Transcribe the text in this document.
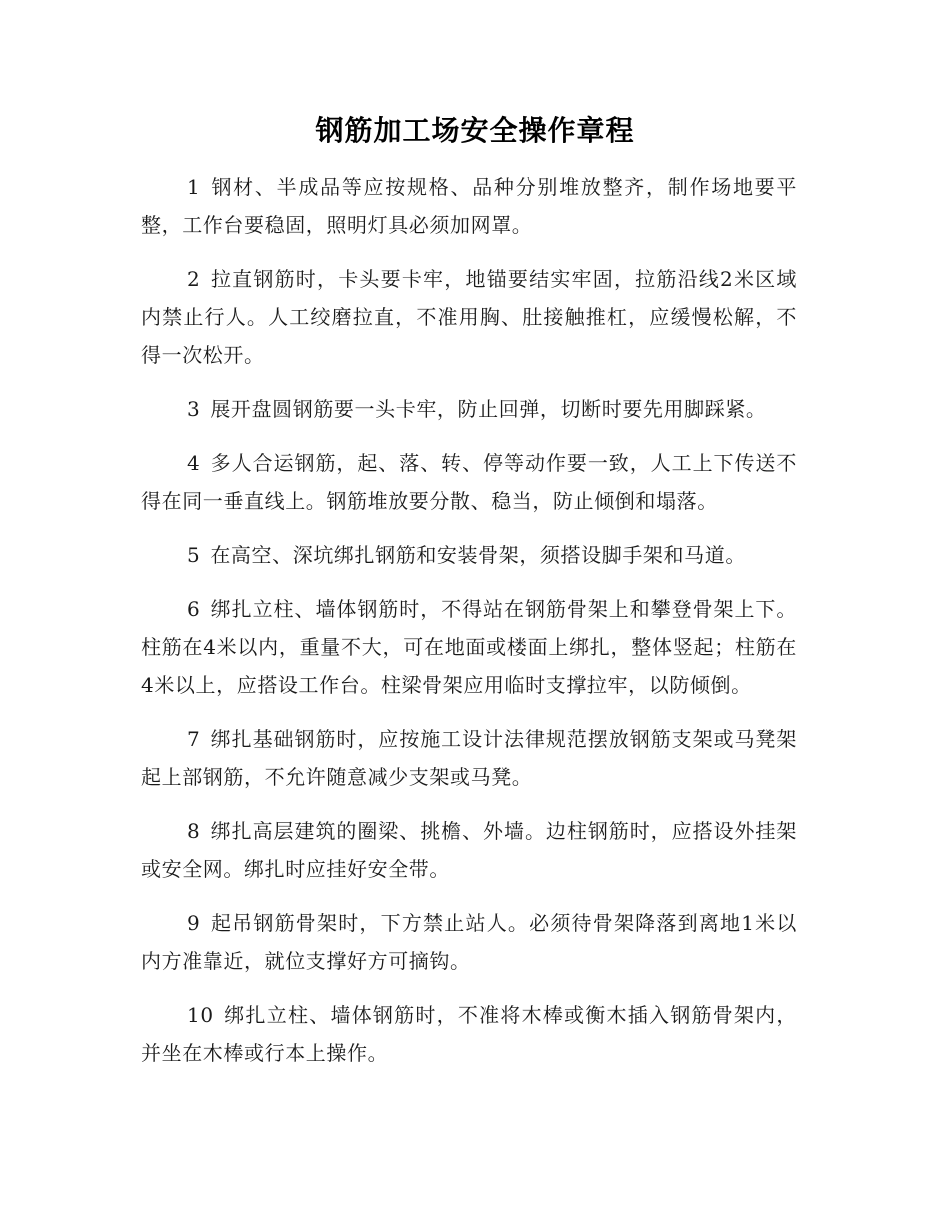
钢筋加工场安全操作章程

1 钢材、半成品等应按规格、品种分别堆放整齐，制作场地要平整，工作台要稳固，照明灯具必须加网罩。

2 拉直钢筋时，卡头要卡牢，地锚要结实牢固，拉筋沿线2米区域内禁止行人。人工绞磨拉直，不准用胸、肚接触推杠，应缓慢松解，不得一次松开。

3 展开盘圆钢筋要一头卡牢，防止回弹，切断时要先用脚踩紧。

4 多人合运钢筋，起、落、转、停等动作要一致，人工上下传送不得在同一垂直线上。钢筋堆放要分散、稳当，防止倾倒和塌落。

5 在高空、深坑绑扎钢筋和安装骨架，须搭设脚手架和马道。

6 绑扎立柱、墙体钢筋时，不得站在钢筋骨架上和攀登骨架上下。柱筋在4米以内，重量不大，可在地面或楼面上绑扎，整体竖起；柱筋在4米以上，应搭设工作台。柱梁骨架应用临时支撑拉牢，以防倾倒。

7 绑扎基础钢筋时，应按施工设计法律规范摆放钢筋支架或马凳架起上部钢筋，不允许随意减少支架或马凳。

8 绑扎高层建筑的圈梁、挑檐、外墙。边柱钢筋时，应搭设外挂架或安全网。绑扎时应挂好安全带。

9 起吊钢筋骨架时，下方禁止站人。必须待骨架降落到离地1米以内方准靠近，就位支撑好方可摘钩。

10 绑扎立柱、墙体钢筋时，不准将木棒或衡木插入钢筋骨架内，并坐在木棒或行本上操作。
